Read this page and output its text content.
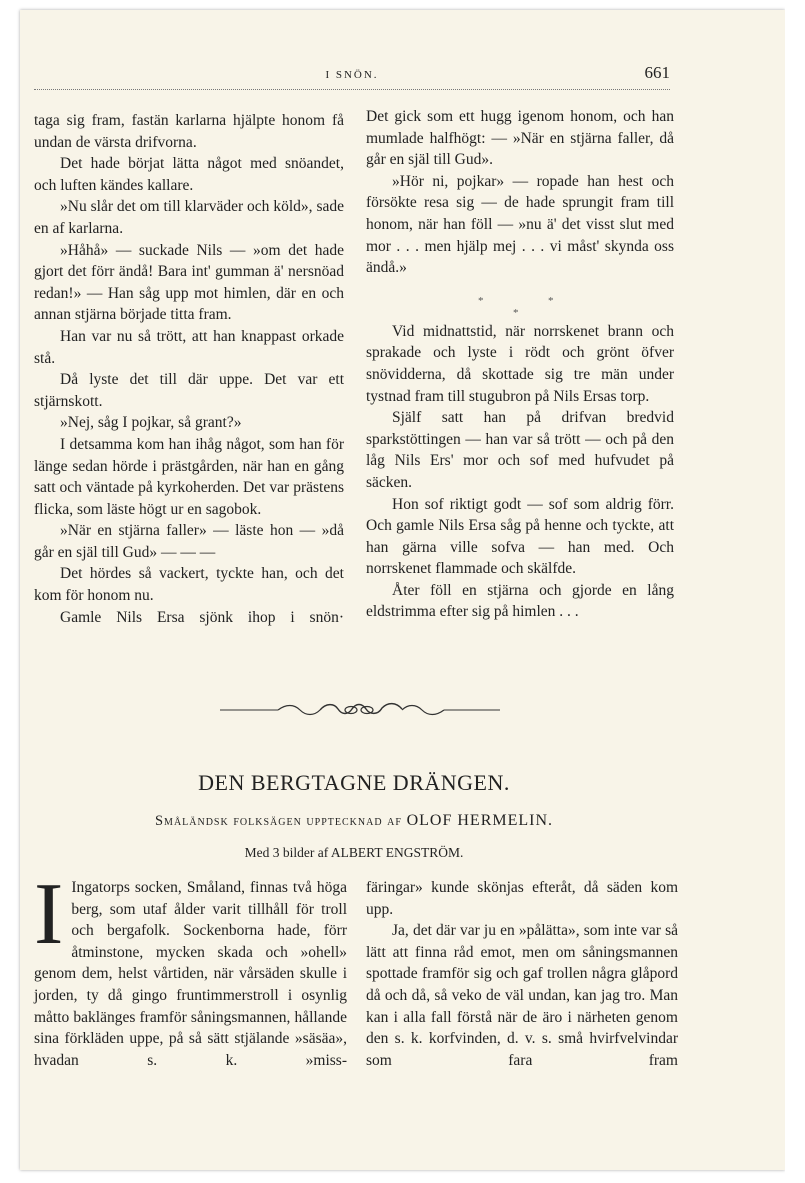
I SNÖN.	661

taga sig fram, fastän karlarna hjälpte honom få undan de värsta drifvorna.

Det hade börjat lätta något med snöandet, och luften kändes kallare.

»Nu slår det om till klarväder och köld», sade en af karlarna.

»Håhå» — suckade Nils — »om det hade gjort det förr ändå! Bara int' gumman ä' nersnöad redan!» — Han såg upp mot himlen, där en och annan stjärna började titta fram.

Han var nu så trött, att han knappast orkade stå.

Då lyste det till där uppe. Det var ett stjärnskott.

»Nej, såg I pojkar, så grant?»

I detsamma kom han ihåg något, som han för länge sedan hörde i prästgården, när han en gång satt och väntade på kyrkoherden. Det var prästens flicka, som läste högt ur en sagobok.

»När en stjärna faller» — läste hon — »då går en själ till Gud» — — —

Det hördes så vackert, tyckte han, och det kom för honom nu.

Gamle Nils Ersa sjönk ihop i snön·

Det gick som ett hugg igenom honom, och han mumlade halfhögt: — »När en stjärna faller, då går en själ till Gud».

»Hör ni, pojkar» — ropade han hest och försökte resa sig — de hade sprungit fram till honom, när han föll — »nu ä' det visst slut med mor . . . men hjälp mej . . . vi måst' skynda oss ändå.»

*	*
*

Vid midnattstid, när norrskenet brann och sprakade och lyste i rödt och grönt öfver snövidderna, då skottade sig tre män under tystnad fram till stugubron på Nils Ersas torp.

Själf satt han på drifvan bredvid sparkstöttingen — han var så trött — och på den låg Nils Ers' mor och sof med hufvudet på säcken.

Hon sof riktigt godt — sof som aldrig förr. Och gamle Nils Ersa såg på henne och tyckte, att han gärna ville sofva — han med. Och norrskenet flammade och skälfde.

Åter föll en stjärna och gjorde en lång eldstrimma efter sig på himlen . . .

DEN BERGTAGNE DRÄNGEN.
Småländsk folksägen upptecknad af OLOF HERMELIN.
Med 3 bilder af ALBERT ENGSTRÖM.
I Ingatorps socken, Småland, finnas två höga berg, som utaf ålder varit tillhåll för troll och bergafolk. Sockenborna hade, förr åtminstone, mycken skada och »ohell» genom dem, helst vårtiden, när vårsäden skulle i jorden, ty då gingo fruntimmerstroll i osynlig måtto baklänges framför såningsmannen, hållande sina förkläden uppe, på så sätt stjälande »säsäa», hvadan s. k. »miss-

färingar» kunde skönjas efteråt, då säden kom upp.

Ja, det där var ju en »pålätta», som inte var så lätt att finna råd emot, men om såningsmannen spottade framför sig och gaf trollen några glåpord då och då, så veko de väl undan, kan jag tro. Man kan i alla fall förstå när de äro i närheten genom den s. k. korfvinden, d. v. s. små hvirfvelvindar som fara fram
